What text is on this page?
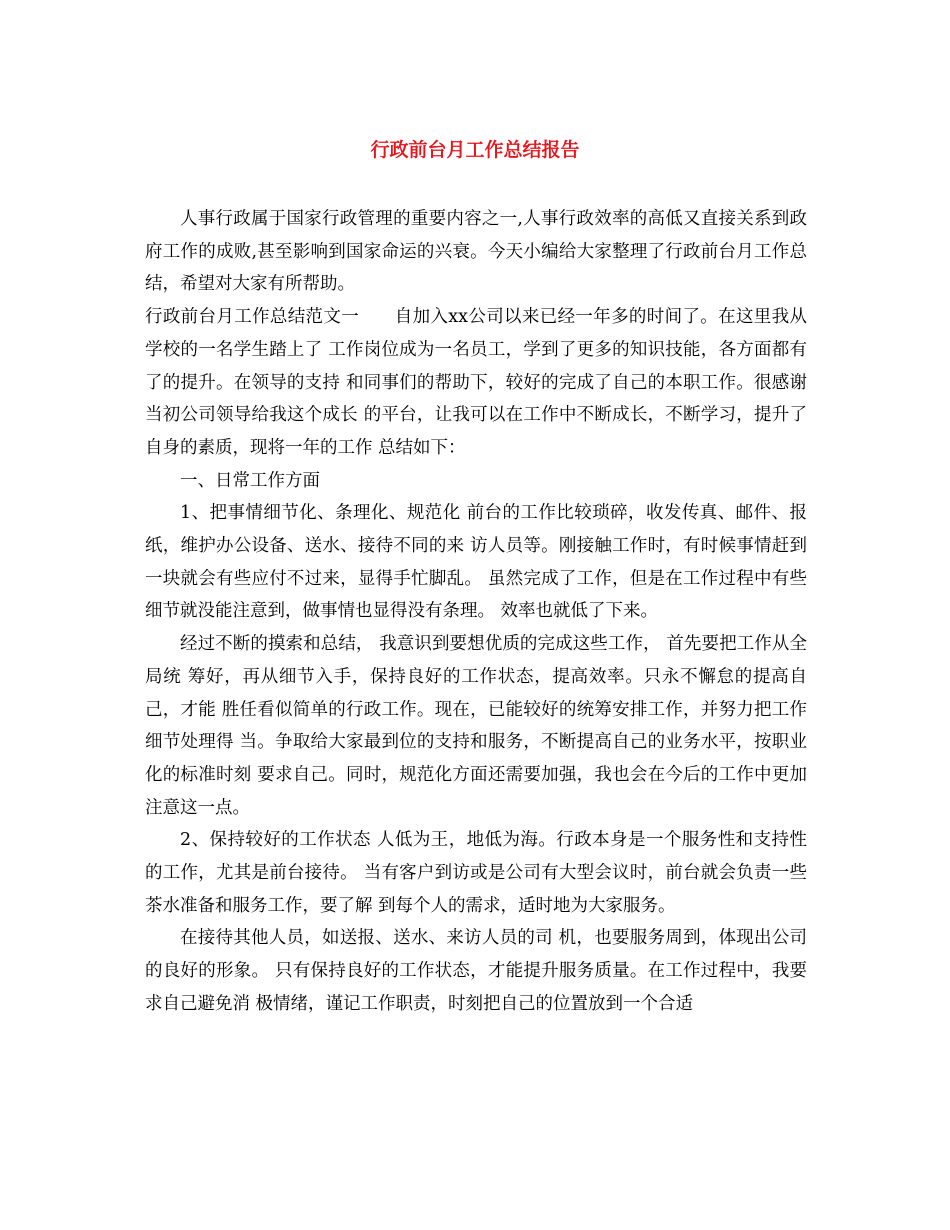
行政前台月工作总结报告

人事行政属于国家行政管理的重要内容之一,人事行政效率的高低又直接关系到政府工作的成败,甚至影响到国家命运的兴衰。今天小编给大家整理了行政前台月工作总结，希望对大家有所帮助。

行政前台月工作总结范文一　　自加入xx公司以来已经一年多的时间了。在这里我从学校的一名学生踏上了 工作岗位成为一名员工，学到了更多的知识技能，各方面都有了的提升。在领导的支持 和同事们的帮助下，较好的完成了自己的本职工作。很感谢当初公司领导给我这个成长 的平台，让我可以在工作中不断成长，不断学习，提升了自身的素质，现将一年的工作 总结如下：

一、日常工作方面

1、把事情细节化、条理化、规范化 前台的工作比较琐碎，收发传真、邮件、报纸，维护办公设备、送水、接待不同的来 访人员等。刚接触工作时，有时候事情赶到一块就会有些应付不过来，显得手忙脚乱。 虽然完成了工作，但是在工作过程中有些细节就没能注意到，做事情也显得没有条理。 效率也就低了下来。

经过不断的摸索和总结， 我意识到要想优质的完成这些工作， 首先要把工作从全局统 筹好，再从细节入手，保持良好的工作状态，提高效率。只永不懈怠的提高自己，才能 胜任看似简单的行政工作。现在，已能较好的统筹安排工作，并努力把工作细节处理得 当。争取给大家最到位的支持和服务，不断提高自己的业务水平，按职业化的标准时刻 要求自己。同时，规范化方面还需要加强，我也会在今后的工作中更加注意这一点。

2、保持较好的工作状态 人低为王，地低为海。行政本身是一个服务性和支持性的工作，尤其是前台接待。 当有客户到访或是公司有大型会议时，前台就会负责一些茶水准备和服务工作，要了解 到每个人的需求，适时地为大家服务。

在接待其他人员，如送报、送水、来访人员的司 机，也要服务周到，体现出公司的良好的形象。 只有保持良好的工作状态，才能提升服务质量。在工作过程中，我要求自己避免消 极情绪，谨记工作职责，时刻把自己的位置放到一个合适
